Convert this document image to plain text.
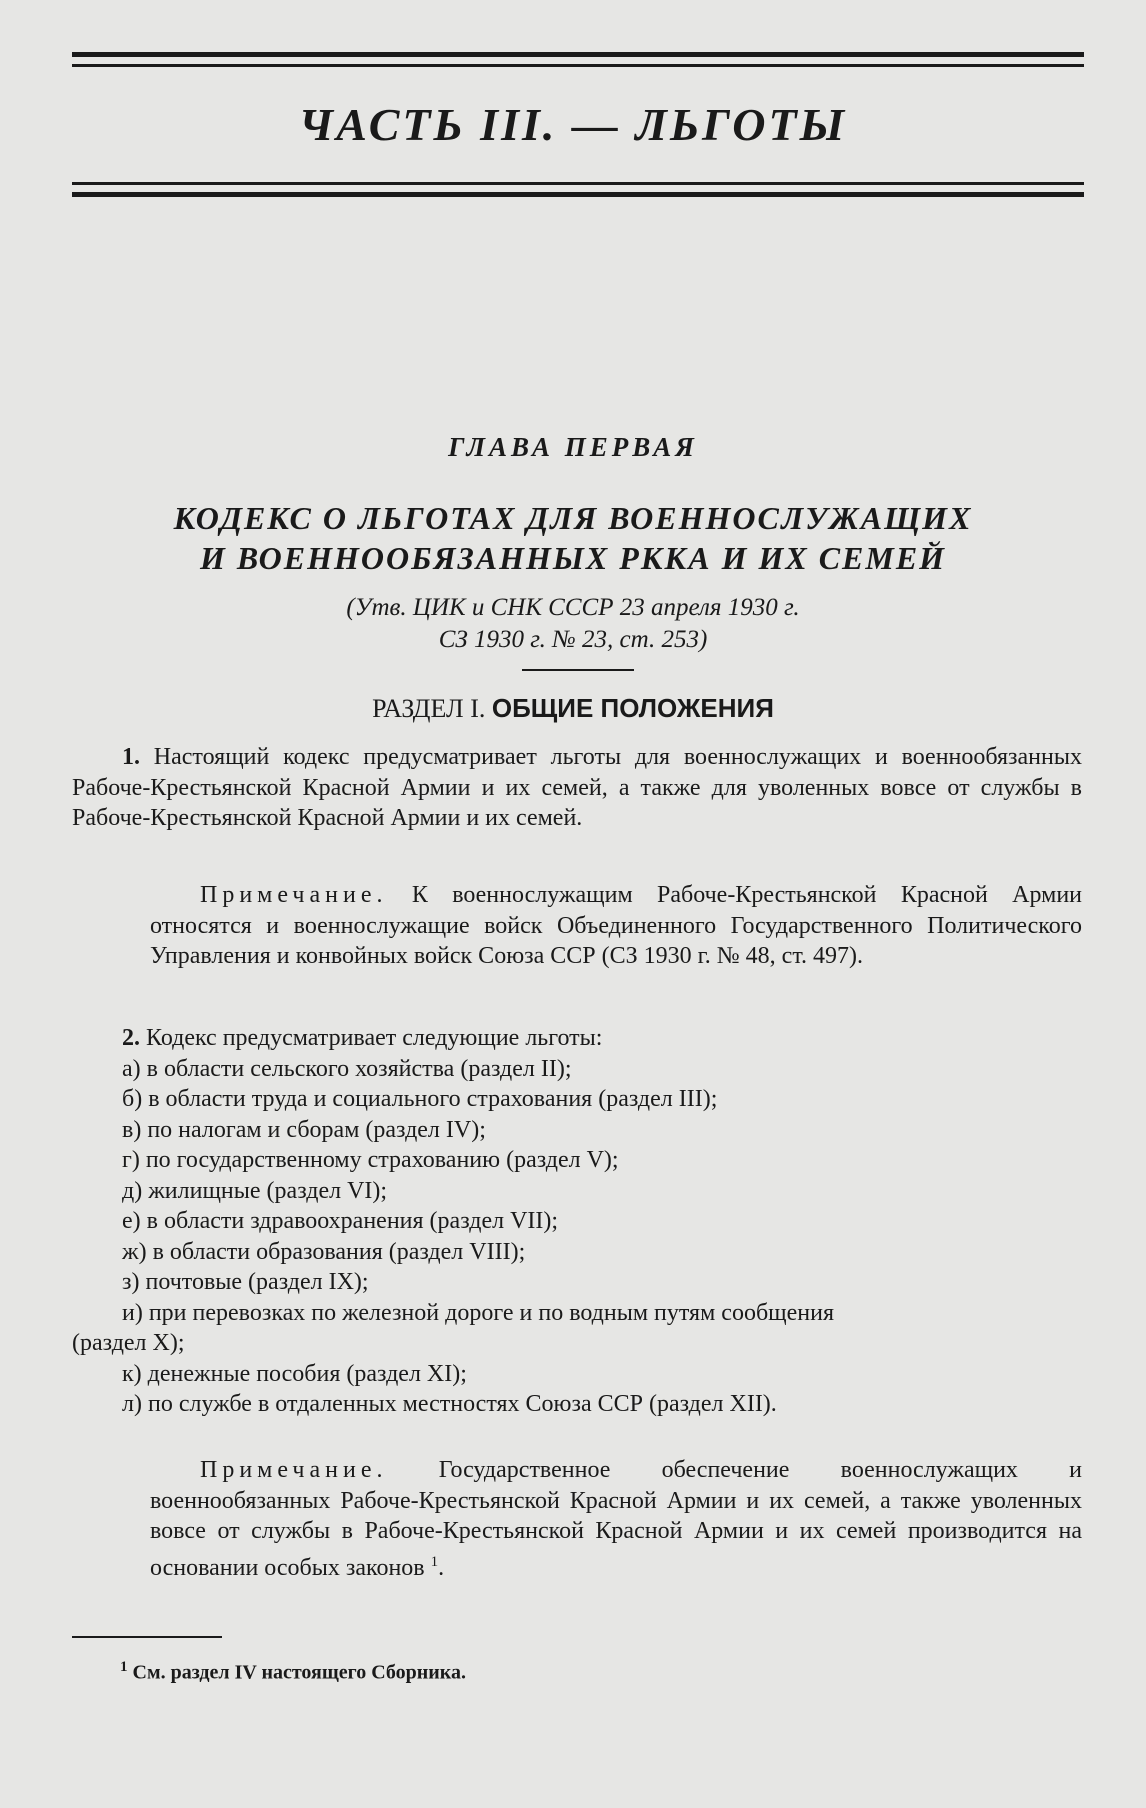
ЧАСТЬ III. — ЛЬГОТЫ
ГЛАВА ПЕРВАЯ
КОДЕКС О ЛЬГОТАХ ДЛЯ ВОЕННОСЛУЖАЩИХ
И ВОЕННООБЯЗАННЫХ РККА И ИХ СЕМЕЙ
(Утв. ЦИК и СНК СССР 23 апреля 1930 г.
СЗ 1930 г. № 23, ст. 253)
РАЗДЕЛ I. ОБЩИЕ ПОЛОЖЕНИЯ
1. Настоящий кодекс предусматривает льготы для военнослужащих и военнообязанных Рабоче-Крестьянской Красной Армии и их семей, а также для уволенных вовсе от службы в Рабоче-Крестьянской Красной Армии и их семей.
Примечание. К военнослужащим Рабоче-Крестьянской Красной Армии относятся и военнослужащие войск Объединенного Государственного Политического Управления и конвойных войск Союза ССР (СЗ 1930 г. № 48, ст. 497).
2. Кодекс предусматривает следующие льготы:
а) в области сельского хозяйства (раздел II);
б) в области труда и социального страхования (раздел III);
в) по налогам и сборам (раздел IV);
г) по государственному страхованию (раздел V);
д) жилищные (раздел VI);
е) в области здравоохранения (раздел VII);
ж) в области образования (раздел VIII);
з) почтовые (раздел IX);
и) при перевозках по железной дороге и по водным путям сообщения
(раздел X);
к) денежные пособия (раздел XI);
л) по службе в отдаленных местностях Союза ССР (раздел XII).
Примечание. Государственное обеспечение военнослужащих и военнообязанных Рабоче-Крестьянской Красной Армии и их семей, а также уволенных вовсе от службы в Рабоче-Крестьянской Красной Армии и их семей производится на основании особых законов $^1$.
$^1$ См. раздел IV настоящего Сборника.
